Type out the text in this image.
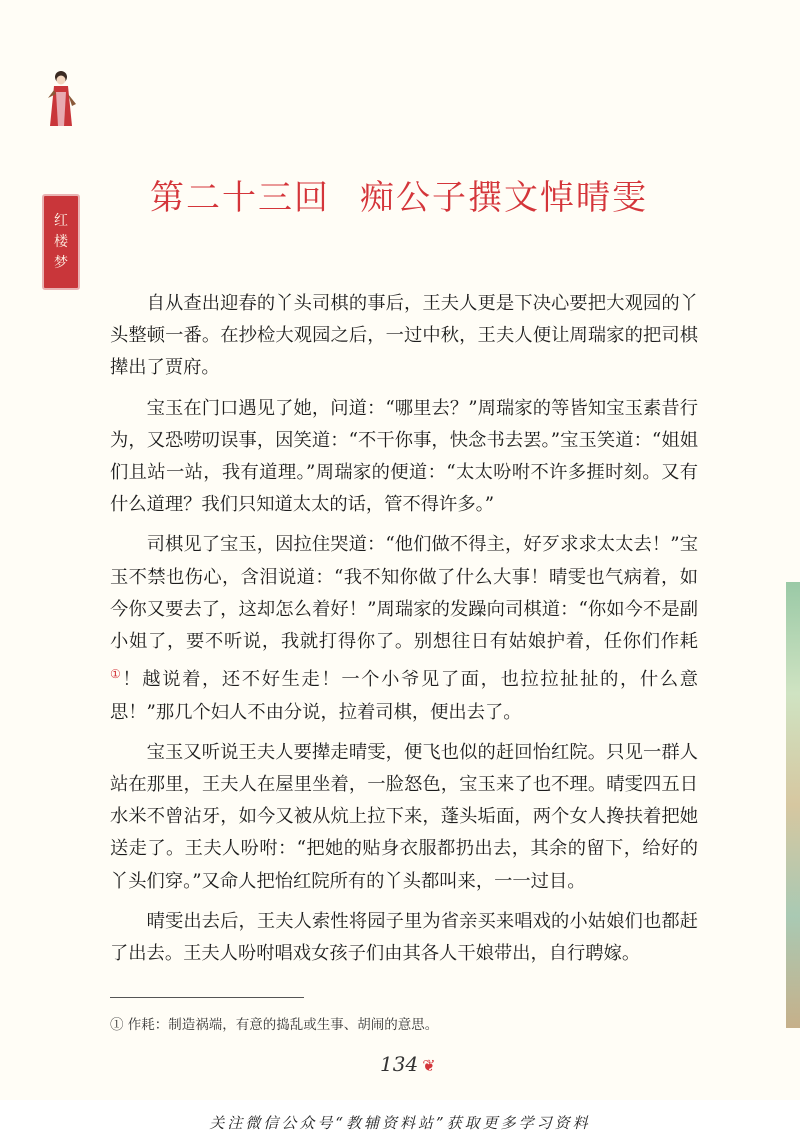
红
楼
梦
第二十三回 痴公子撰文悼晴雯

自从查出迎春的丫头司棋的事后，王夫人更是下决心要把大观园的丫头整顿一番。在抄检大观园之后，一过中秋，王夫人便让周瑞家的把司棋撵出了贾府。

宝玉在门口遇见了她，问道：“哪里去？”周瑞家的等皆知宝玉素昔行为，又恐唠叨误事，因笑道：“不干你事，快念书去罢。”宝玉笑道：“姐姐们且站一站，我有道理。”周瑞家的便道：“太太吩咐不许多捱时刻。又有什么道理？我们只知道太太的话，管不得许多。”

司棋见了宝玉，因拉住哭道：“他们做不得主，好歹求求太太去！”宝玉不禁也伤心，含泪说道：“我不知你做了什么大事！晴雯也气病着，如今你又要去了，这却怎么着好！”周瑞家的发躁向司棋道：“你如今不是副小姐了，要不听说，我就打得你了。别想往日有姑娘护着，任你们作耗①！越说着，还不好生走！一个小爷见了面，也拉拉扯扯的，什么意思！”那几个妇人不由分说，拉着司棋，便出去了。

宝玉又听说王夫人要撵走晴雯，便飞也似的赶回怡红院。只见一群人站在那里，王夫人在屋里坐着，一脸怒色，宝玉来了也不理。晴雯四五日水米不曾沾牙，如今又被从炕上拉下来，蓬头垢面，两个女人搀扶着把她送走了。王夫人吩咐：“把她的贴身衣服都扔出去，其余的留下，给好的丫头们穿。”又命人把怡红院所有的丫头都叫来，一一过目。

晴雯出去后，王夫人索性将园子里为省亲买来唱戏的小姑娘们也都赶了出去。王夫人吩咐唱戏女孩子们由其各人干娘带出，自行聘嫁。

① 作耗：制造祸端，有意的捣乱或生事、胡闹的意思。
134 ❦
关注微信公众号“教辅资料站”获取更多学习资料
